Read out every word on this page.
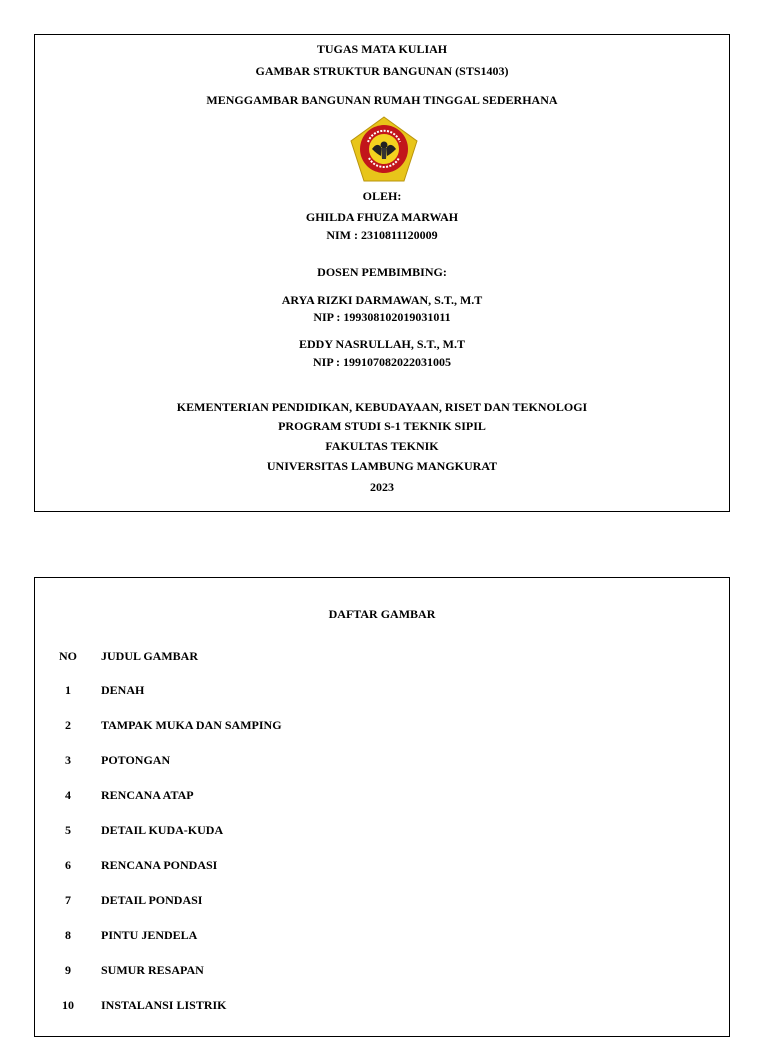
TUGAS MATA KULIAH
GAMBAR STRUKTUR BANGUNAN (STS1403)
MENGGAMBAR BANGUNAN RUMAH TINGGAL SEDERHANA
OLEH:
GHILDA FHUZA MARWAH
NIM : 2310811120009
DOSEN PEMBIMBING:
ARYA RIZKI DARMAWAN, S.T., M.T
NIP : 199308102019031011
EDDY NASRULLAH, S.T., M.T
NIP : 199107082022031005
KEMENTERIAN PENDIDIKAN, KEBUDAYAAN, RISET DAN TEKNOLOGI
PROGRAM STUDI S-1 TEKNIK SIPIL
FAKULTAS TEKNIK
UNIVERSITAS LAMBUNG MANGKURAT
2023
DAFTAR GAMBAR
NO JUDUL GAMBAR
1	DENAH
2	TAMPAK MUKA DAN SAMPING
3	POTONGAN
4	RENCANA ATAP
5	DETAIL KUDA-KUDA
6	RENCANA PONDASI
7	DETAIL PONDASI
8	PINTU JENDELA
9	SUMUR RESAPAN
10	INSTALANSI LISTRIK
